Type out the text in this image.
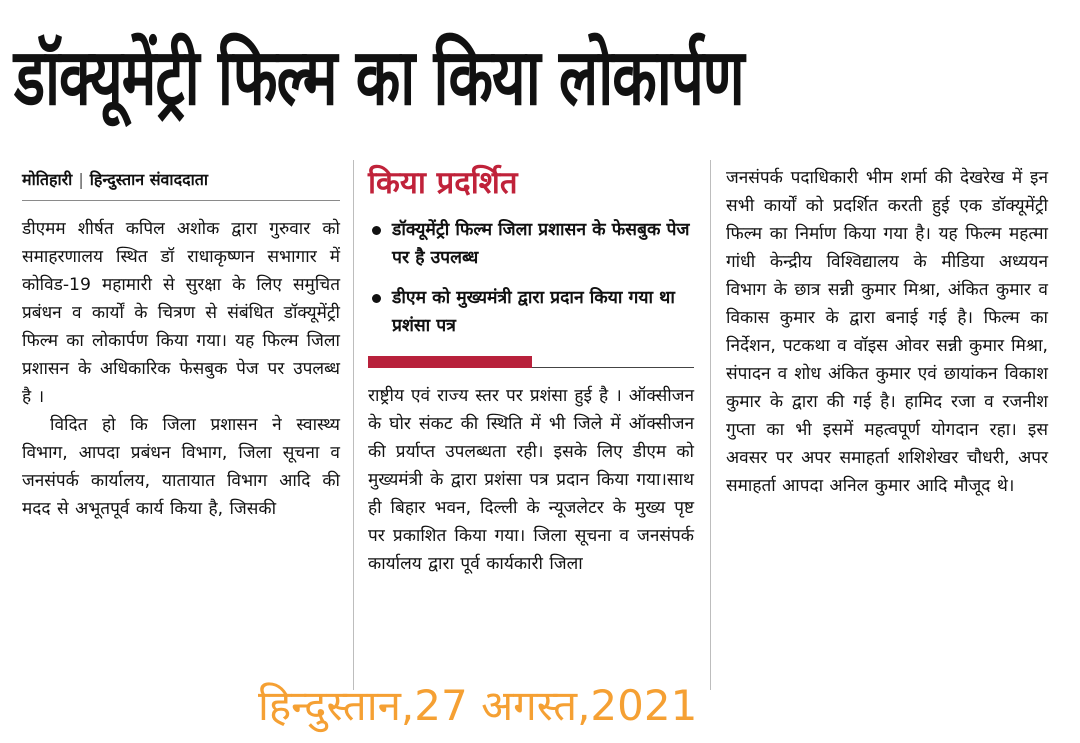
डॉक्यूमेंट्री फिल्म का किया लोकार्पण
मोतिहारी | हिन्दुस्तान संवाददाता

डीएमम शीर्षत कपिल अशोक द्वारा गुरुवार को समाहरणालय स्थित डॉ राधाकृष्णन सभागार में कोविड-19 महामारी से सुरक्षा के लिए समुचित प्रबंधन व कार्यों के चित्रण से संबंधित डॉक्यूमेंट्री फिल्म का लोकार्पण किया गया। यह फिल्म जिला प्रशासन के अधिकारिक फेसबुक पेज पर उपलब्ध है ।

विदित हो कि जिला प्रशासन ने स्वास्थ्य विभाग, आपदा प्रबंधन विभाग, जिला सूचना व जनसंपर्क कार्यालय, यातायात विभाग आदि की मदद से अभूतपूर्व कार्य किया है, जिसकी

किया प्रदर्शित
डॉक्यूमेंट्री फिल्म जिला प्रशासन के फेसबुक पेज पर है उपलब्ध
डीएम को मुख्यमंत्री द्वारा प्रदान किया गया था प्रशंसा पत्र

राष्ट्रीय एवं राज्य स्तर पर प्रशंसा हुई है । ऑक्सीजन के घोर संकट की स्थिति में भी जिले में ऑक्सीजन की प्रर्याप्त उपलब्धता रही। इसके लिए डीएम को मुख्यमंत्री के द्वारा प्रशंसा पत्र प्रदान किया गया।साथ ही बिहार भवन, दिल्ली के न्यूजलेटर के मुख्य पृष्ट पर प्रकाशित किया गया। जिला सूचना व जनसंपर्क कार्यालय द्वारा पूर्व कार्यकारी जिला

जनसंपर्क पदाधिकारी भीम शर्मा की देखरेख में इन सभी कार्यों को प्रदर्शित करती हुई एक डॉक्यूमेंट्री फिल्म का निर्माण किया गया है। यह फिल्म महत्मा गांधी केन्द्रीय विश्विद्यालय के मीडिया अध्ययन विभाग के छात्र सन्नी कुमार मिश्रा, अंकित कुमार व विकास कुमार के द्वारा बनाई गई है। फिल्म का निर्देशन, पटकथा व वॉइस ओवर सन्नी कुमार मिश्रा, संपादन व शोध अंकित कुमार एवं छायांकन विकाश कुमार के द्वारा की गई है। हामिद रजा व रजनीश गुप्ता का भी इसमें महत्वपूर्ण योगदान रहा। इस अवसर पर अपर समाहर्ता शशिशेखर चौधरी, अपर समाहर्ता आपदा अनिल कुमार आदि मौजूद थे।

हिन्दुस्तान,27 अगस्त,2021
